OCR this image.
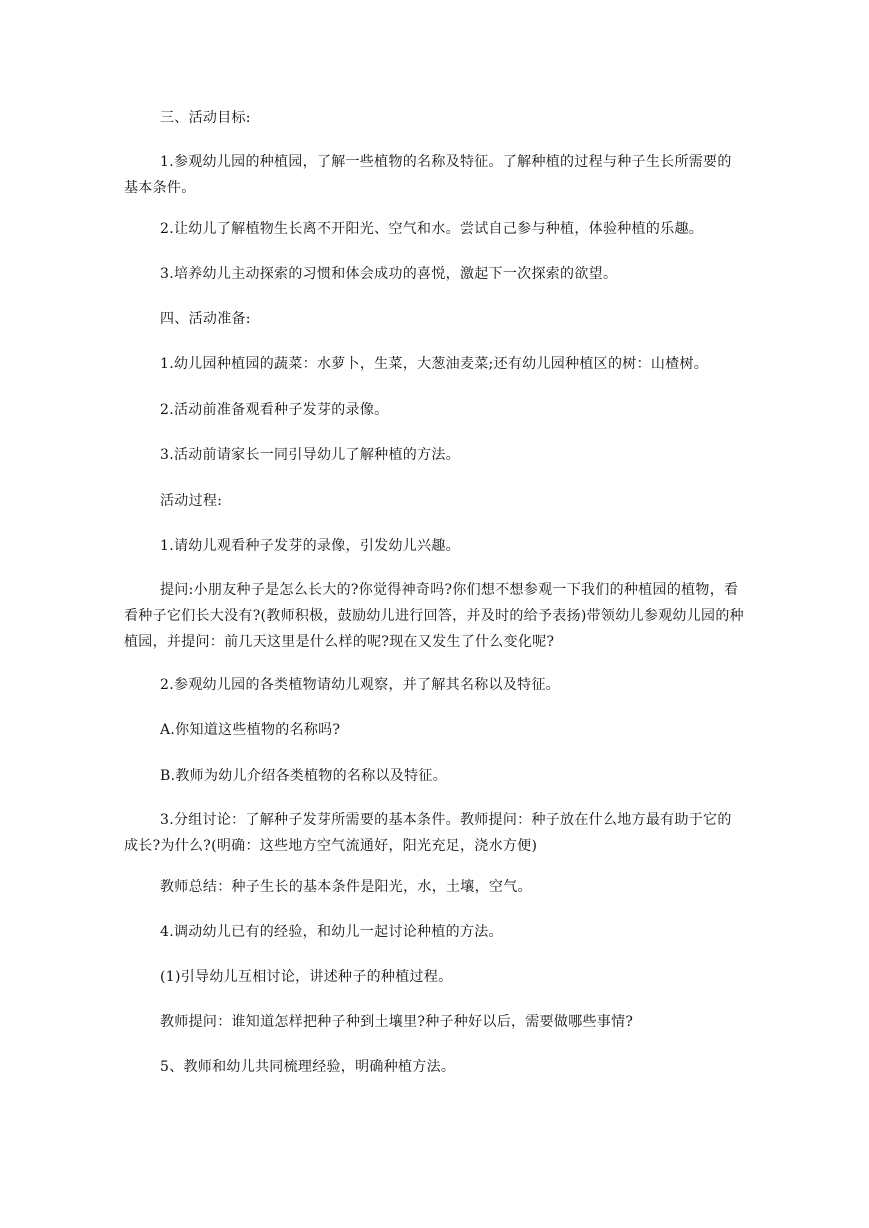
三、活动目标:

1.参观幼儿园的种植园，了解一些植物的名称及特征。了解种植的过程与种子生长所需要的基本条件。

2.让幼儿了解植物生长离不开阳光、空气和水。尝试自己参与种植，体验种植的乐趣。

3.培养幼儿主动探索的习惯和体会成功的喜悦，激起下一次探索的欲望。

四、活动准备:

1.幼儿园种植园的蔬菜：水萝卜，生菜，大葱油麦菜;还有幼儿园种植区的树：山楂树。

2.活动前准备观看种子发芽的录像。

3.活动前请家长一同引导幼儿了解种植的方法。

活动过程:

1.请幼儿观看种子发芽的录像，引发幼儿兴趣。

提问:小朋友种子是怎么长大的?你觉得神奇吗?你们想不想参观一下我们的种植园的植物，看看种子它们长大没有?(教师积极，鼓励幼儿进行回答，并及时的给予表扬)带领幼儿参观幼儿园的种植园，并提问：前几天这里是什么样的呢?现在又发生了什么变化呢?

2.参观幼儿园的各类植物请幼儿观察，并了解其名称以及特征。

A.你知道这些植物的名称吗?

B.教师为幼儿介绍各类植物的名称以及特征。

3.分组讨论：了解种子发芽所需要的基本条件。教师提问：种子放在什么地方最有助于它的成长?为什么?(明确：这些地方空气流通好，阳光充足，浇水方便)

教师总结：种子生长的基本条件是阳光，水，土壤，空气。

4.调动幼儿已有的经验，和幼儿一起讨论种植的方法。

(1)引导幼儿互相讨论，讲述种子的种植过程。

教师提问：谁知道怎样把种子种到土壤里?种子种好以后，需要做哪些事情?

5、教师和幼儿共同梳理经验，明确种植方法。
